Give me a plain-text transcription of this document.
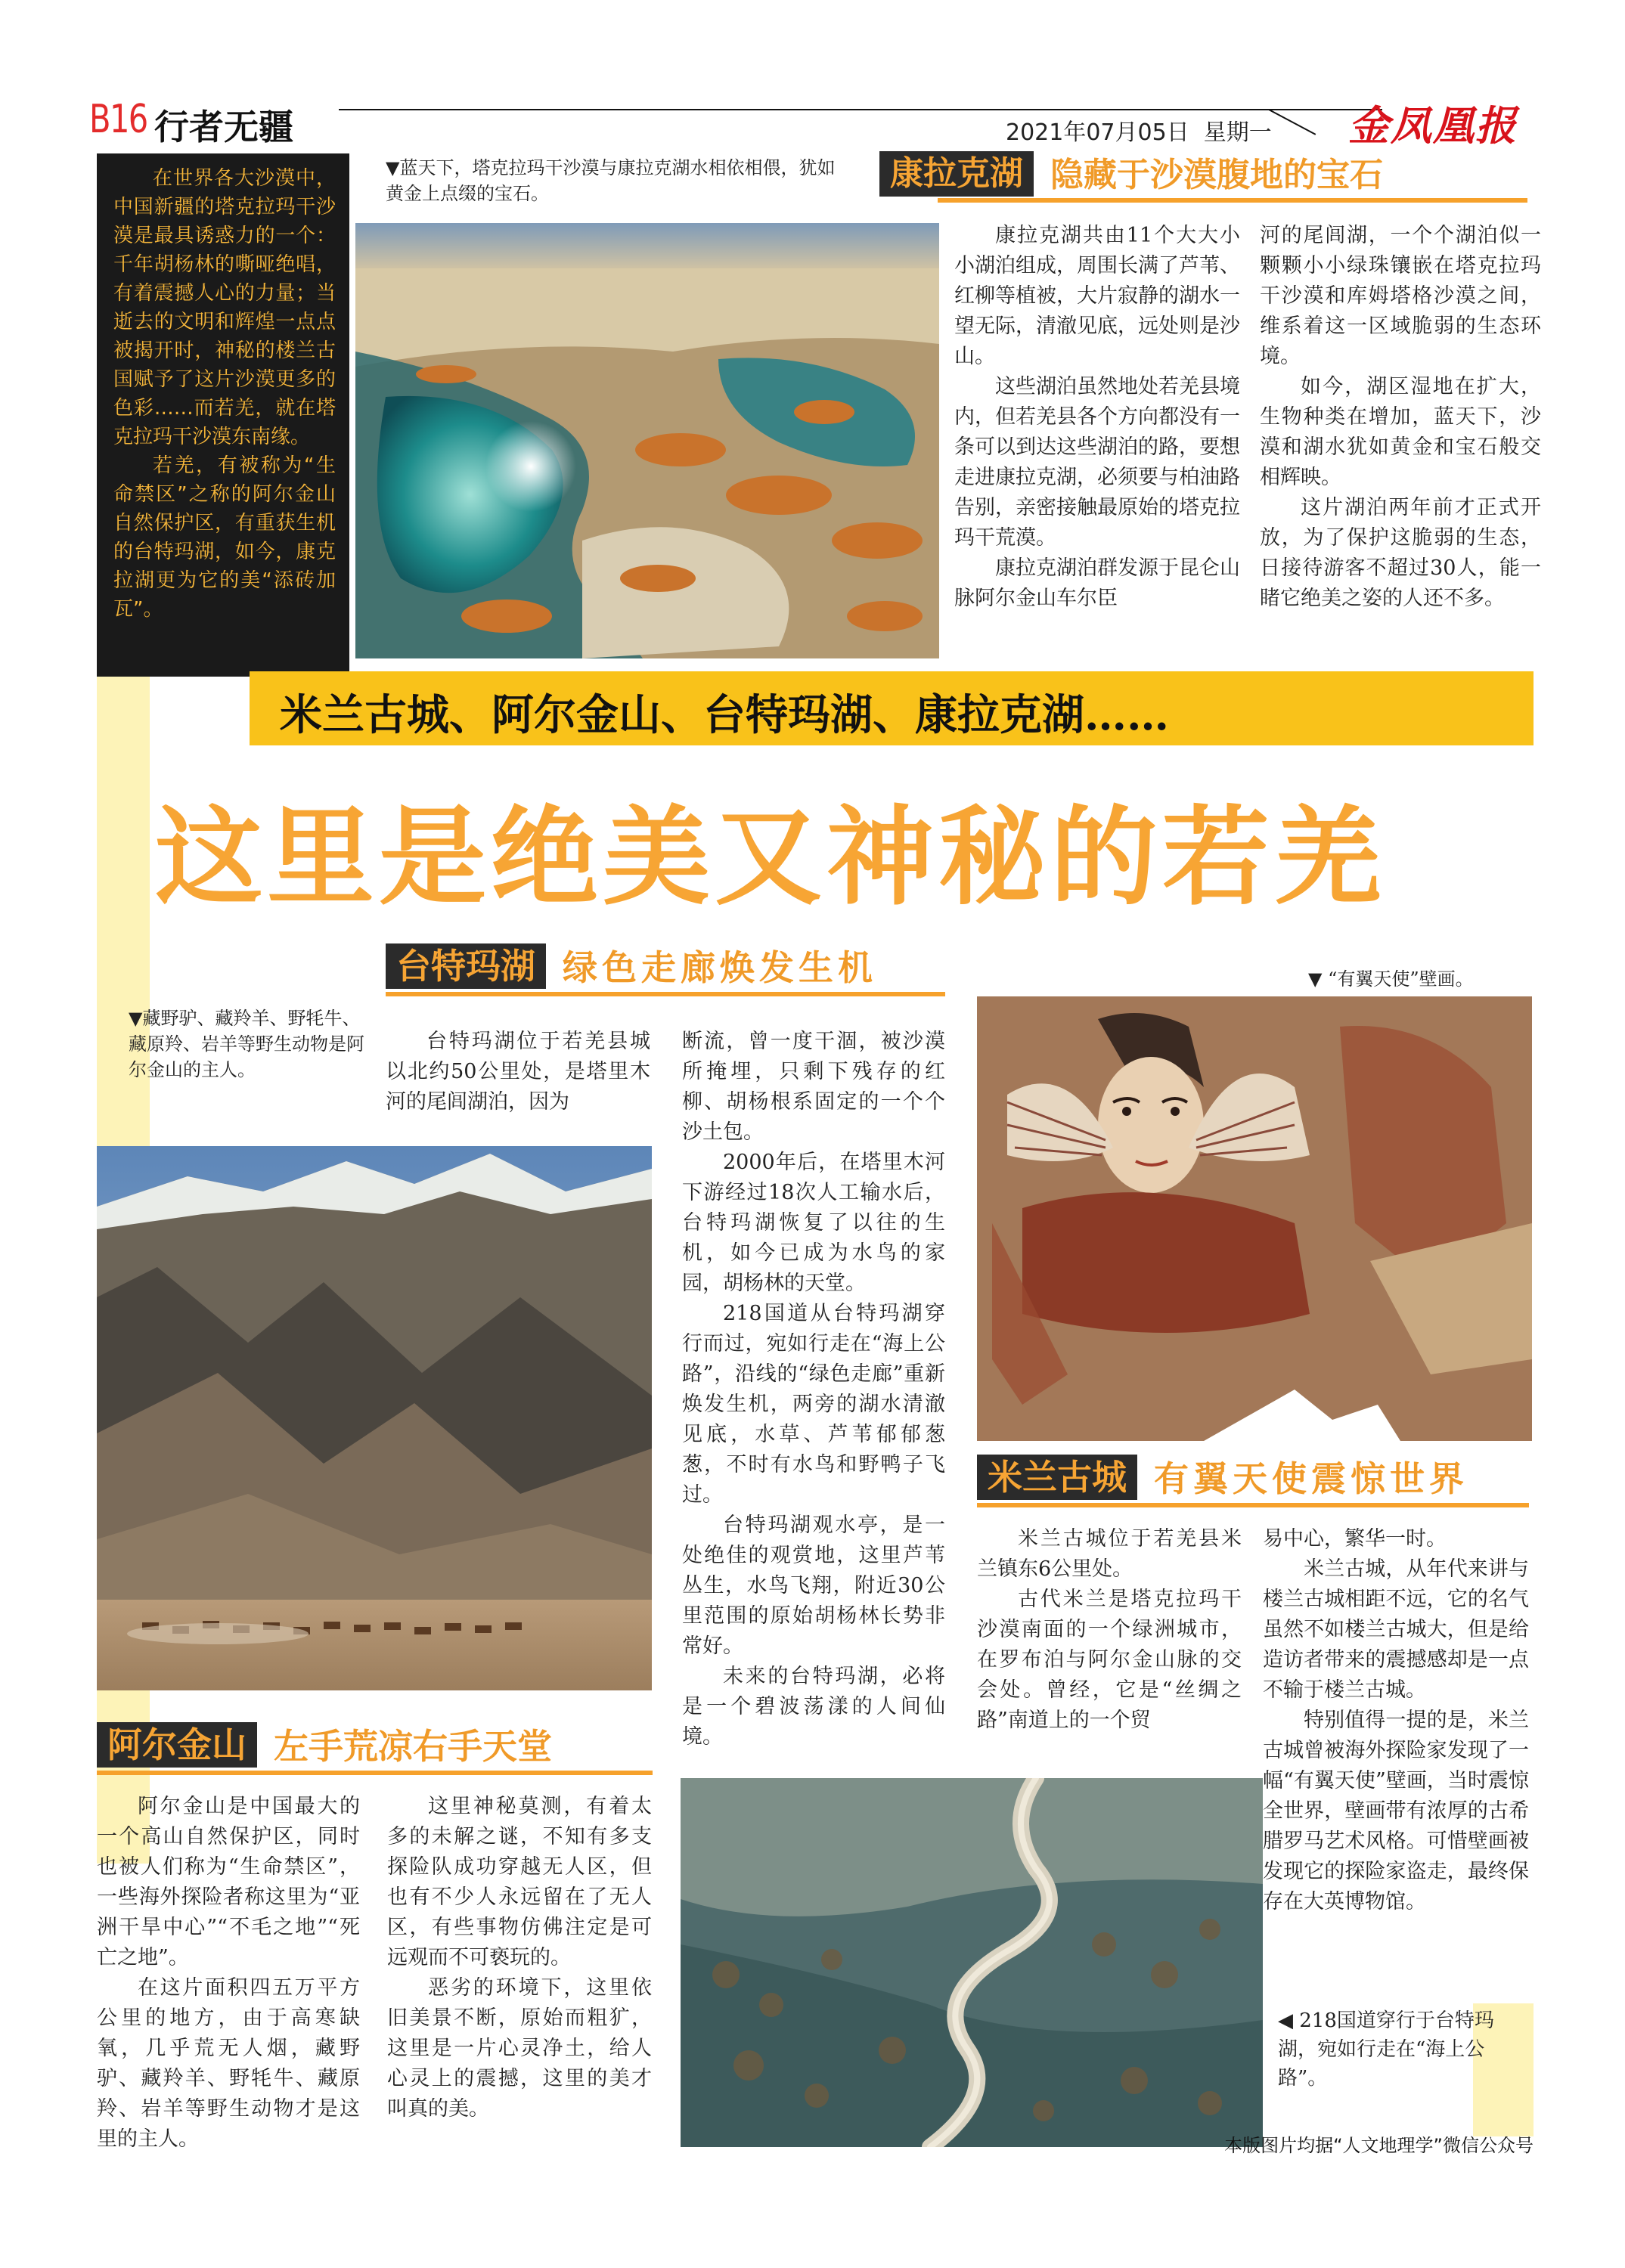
B16 行者无疆	2021年07月05日  星期一 金凤凰报

在世界各大沙漠中，中国新疆的塔克拉玛干沙漠是最具诱惑力的一个：千年胡杨林的嘶哑绝唱，有着震撼人心的力量；当逝去的文明和辉煌一点点被揭开时，神秘的楼兰古国赋予了这片沙漠更多的色彩……而若羌，就在塔克拉玛干沙漠东南缘。

若羌，有被称为“生命禁区”之称的阿尔金山自然保护区，有重获生机的台特玛湖，如今，康克拉湖更为它的美“添砖加瓦”。

▼蓝天下，塔克拉玛干沙漠与康拉克湖水相依相偎，犹如黄金上点缀的宝石。
康拉克湖 隐藏于沙漠腹地的宝石

康拉克湖共由11个大大小小湖泊组成，周围长满了芦苇、红柳等植被，大片寂静的湖水一望无际，清澈见底，远处则是沙山。

这些湖泊虽然地处若羌县境内，但若羌县各个方向都没有一条可以到达这些湖泊的路，要想走进康拉克湖，必须要与柏油路告别，亲密接触最原始的塔克拉玛干荒漠。

康拉克湖泊群发源于昆仑山脉阿尔金山车尔臣

河的尾闾湖，一个个湖泊似一颗颗小小绿珠镶嵌在塔克拉玛干沙漠和库姆塔格沙漠之间，维系着这一区域脆弱的生态环境。

如今，湖区湿地在扩大，生物种类在增加，蓝天下，沙漠和湖水犹如黄金和宝石般交相辉映。

这片湖泊两年前才正式开放，为了保护这脆弱的生态，日接待游客不超过30人，能一睹它绝美之姿的人还不多。

米兰古城、阿尔金山、台特玛湖、康拉克湖……
这里是绝美又神秘的若羌
台特玛湖 绿色走廊焕发生机
▼藏野驴、藏羚羊、野牦牛、藏原羚、岩羊等野生动物是阿尔金山的主人。

台特玛湖位于若羌县城以北约50公里处，是塔里木河的尾闾湖泊，因为

断流，曾一度干涸，被沙漠所掩埋，只剩下残存的红柳、胡杨根系固定的一个个沙土包。

2000年后，在塔里木河下游经过18次人工输水后，台特玛湖恢复了以往的生机，如今已成为水鸟的家园，胡杨林的天堂。

218国道从台特玛湖穿行而过，宛如行走在“海上公路”，沿线的“绿色走廊”重新焕发生机，两旁的湖水清澈见底，水草、芦苇郁郁葱葱，不时有水鸟和野鸭子飞过。

台特玛湖观水亭，是一处绝佳的观赏地，这里芦苇丛生，水鸟飞翔，附近30公里范围的原始胡杨林长势非常好。

未来的台特玛湖，必将是一个碧波荡漾的人间仙境。

▼ “有翼天使”壁画。
米兰古城 有翼天使震惊世界

米兰古城位于若羌县米兰镇东6公里处。

古代米兰是塔克拉玛干沙漠南面的一个绿洲城市，在罗布泊与阿尔金山脉的交会处。曾经，它是“丝绸之路”南道上的一个贸

易中心，繁华一时。

米兰古城，从年代来讲与楼兰古城相距不远，它的名气虽然不如楼兰古城大，但是给造访者带来的震撼感却是一点不输于楼兰古城。

特别值得一提的是，米兰古城曾被海外探险家发现了一幅“有翼天使”壁画，当时震惊全世界，壁画带有浓厚的古希腊罗马艺术风格。可惜壁画被发现它的探险家盗走，最终保存在大英博物馆。

阿尔金山 左手荒凉右手天堂

阿尔金山是中国最大的一个高山自然保护区，同时也被人们称为“生命禁区”，一些海外探险者称这里为“亚洲干旱中心”“不毛之地”“死亡之地”。

在这片面积四五万平方公里的地方，由于高寒缺氧，几乎荒无人烟，藏野驴、藏羚羊、野牦牛、藏原羚、岩羊等野生动物才是这里的主人。

这里神秘莫测，有着太多的未解之谜，不知有多支探险队成功穿越无人区，但也有不少人永远留在了无人区，有些事物仿佛注定是可远观而不可亵玩的。

恶劣的环境下，这里依旧美景不断，原始而粗犷，这里是一片心灵净土，给人心灵上的震撼，这里的美才叫真的美。

◀ 218国道穿行于台特玛湖，宛如行走在“海上公路”。
本版图片均据“人文地理学”微信公众号
